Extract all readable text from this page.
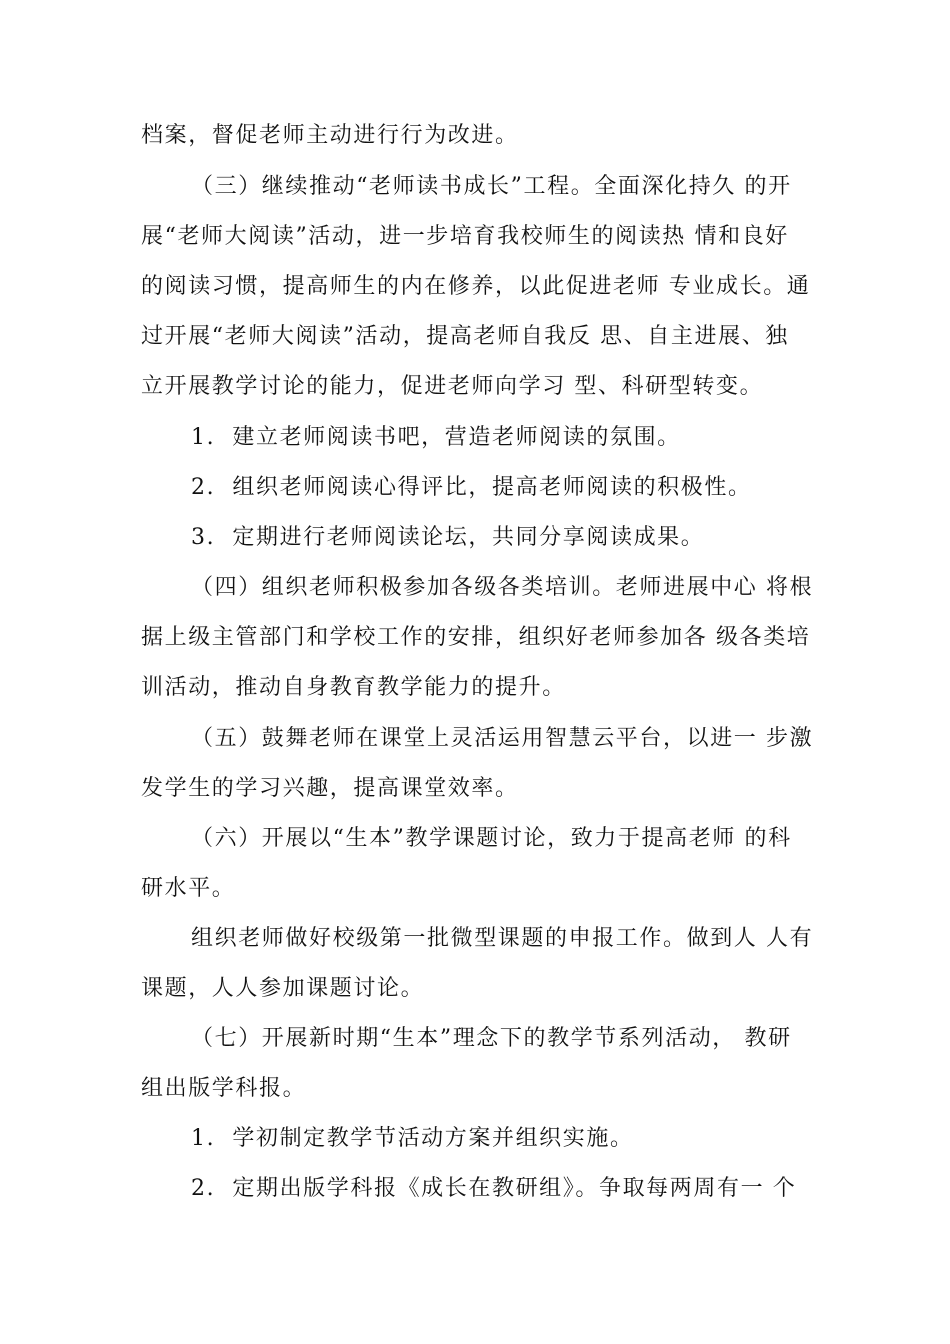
档案，督促老师主动进行行为改进。
（三）继续推动“老师读书成长”工程。全面深化持久 的开
展“老师大阅读”活动，进一步培育我校师生的阅读热 情和良好
的阅读习惯，提高师生的内在修养，以此促进老师 专业成长。通
过开展“老师大阅读”活动，提高老师自我反 思、自主进展、独
立开展教学讨论的能力，促进老师向学习 型、科研型转变。
1.  建立老师阅读书吧，营造老师阅读的氛围。
2.  组织老师阅读心得评比，提高老师阅读的积极性。
3.  定期进行老师阅读论坛，共同分享阅读成果。
（四）组织老师积极参加各级各类培训。老师进展中心 将根
据上级主管部门和学校工作的安排，组织好老师参加各 级各类培
训活动，推动自身教育教学能力的提升。
（五）鼓舞老师在课堂上灵活运用智慧云平台，以进一 步激
发学生的学习兴趣，提高课堂效率。
（六）开展以“生本”教学课题讨论，致力于提高老师 的科
研水平。
组织老师做好校级第一批微型课题的申报工作。做到人 人有
课题，人人参加课题讨论。
（七）开展新时期“生本”理念下的教学节系列活动， 教研
组出版学科报。
1.  学初制定教学节活动方案并组织实施。
2.  定期出版学科报《成长在教研组》。争取每两周有一 个
